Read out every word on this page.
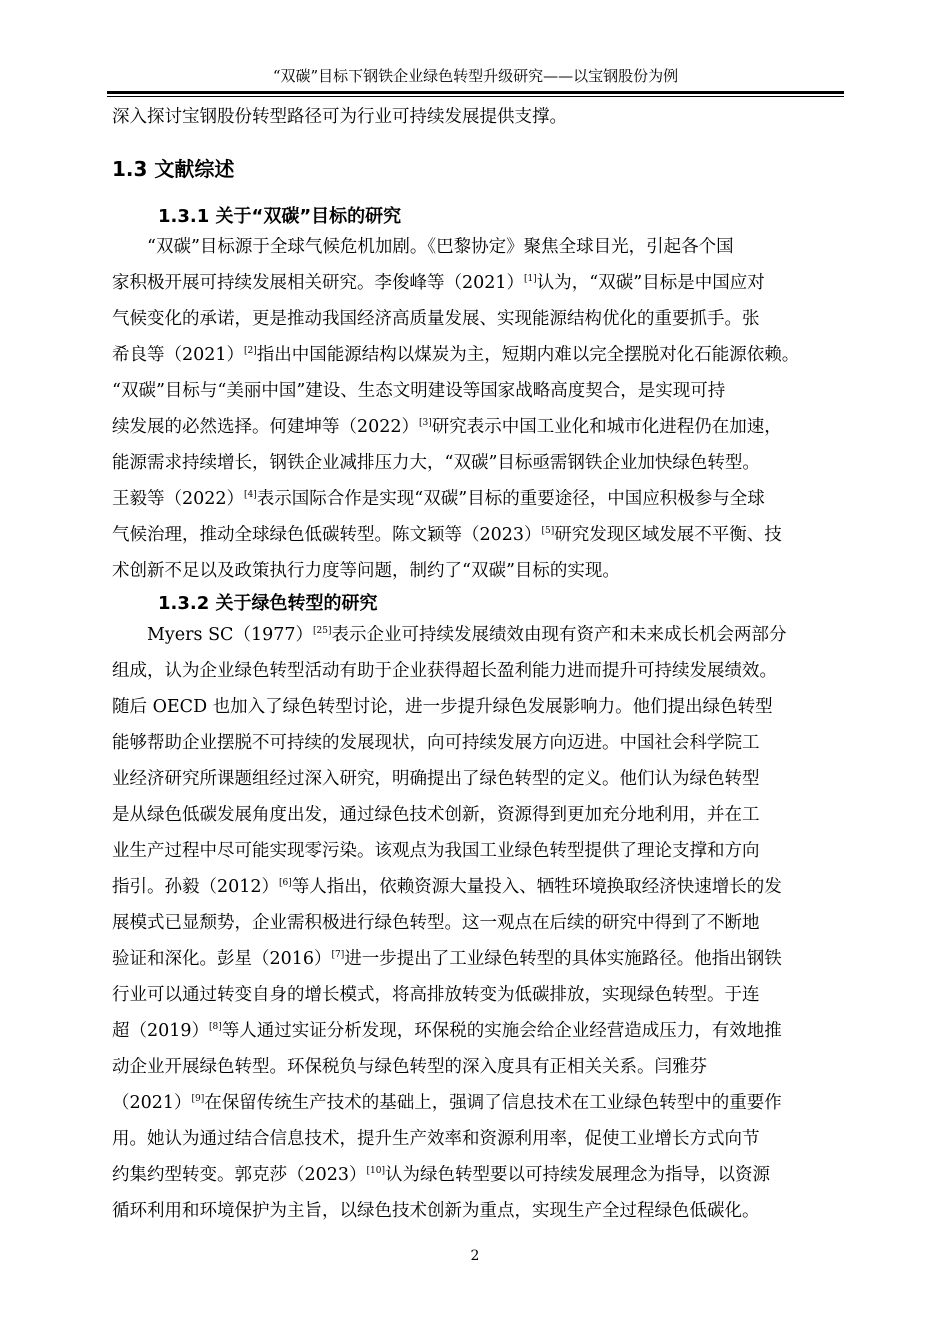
“双碳”目标下钢铁企业绿色转型升级研究——以宝钢股份为例
深入探讨宝钢股份转型路径可为行业可持续发展提供支撑。
1.3 文献综述
1.3.1 关于“双碳”目标的研究
“双碳”目标源于全球气候危机加剧。《巴黎协定》聚焦全球目光，引起各个国
家积极开展可持续发展相关研究。李俊峰等（2021）[1]认为，“双碳”目标是中国应对
气候变化的承诺，更是推动我国经济高质量发展、实现能源结构优化的重要抓手。张
希良等（2021）[2]指出中国能源结构以煤炭为主，短期内难以完全摆脱对化石能源依赖。
“双碳”目标与“美丽中国”建设、生态文明建设等国家战略高度契合，是实现可持
续发展的必然选择。何建坤等（2022）[3]研究表示中国工业化和城市化进程仍在加速，
能源需求持续增长，钢铁企业减排压力大，“双碳”目标亟需钢铁企业加快绿色转型。
王毅等（2022）[4]表示国际合作是实现“双碳”目标的重要途径，中国应积极参与全球
气候治理，推动全球绿色低碳转型。陈文颖等（2023）[5]研究发现区域发展不平衡、技
术创新不足以及政策执行力度等问题，制约了“双碳”目标的实现。
1.3.2 关于绿色转型的研究
Myers SC（1977）[25]表示企业可持续发展绩效由现有资产和未来成长机会两部分
组成，认为企业绿色转型活动有助于企业获得超长盈利能力进而提升可持续发展绩效。
随后 OECD 也加入了绿色转型讨论，进一步提升绿色发展影响力。他们提出绿色转型
能够帮助企业摆脱不可持续的发展现状，向可持续发展方向迈进。中国社会科学院工
业经济研究所课题组经过深入研究，明确提出了绿色转型的定义。他们认为绿色转型
是从绿色低碳发展角度出发，通过绿色技术创新，资源得到更加充分地利用，并在工
业生产过程中尽可能实现零污染。该观点为我国工业绿色转型提供了理论支撑和方向
指引。孙毅（2012）[6]等人指出，依赖资源大量投入、牺牲环境换取经济快速增长的发
展模式已显颓势，企业需积极进行绿色转型。这一观点在后续的研究中得到了不断地
验证和深化。彭星（2016）[7]进一步提出了工业绿色转型的具体实施路径。他指出钢铁
行业可以通过转变自身的增长模式，将高排放转变为低碳排放，实现绿色转型。于连
超（2019）[8]等人通过实证分析发现，环保税的实施会给企业经营造成压力，有效地推
动企业开展绿色转型。环保税负与绿色转型的深入度具有正相关关系。闫雅芬
（2021）[9]在保留传统生产技术的基础上，强调了信息技术在工业绿色转型中的重要作
用。她认为通过结合信息技术，提升生产效率和资源利用率，促使工业增长方式向节
约集约型转变。郭克莎（2023）[10]认为绿色转型要以可持续发展理念为指导，以资源
循环利用和环境保护为主旨，以绿色技术创新为重点，实现生产全过程绿色低碳化。
2
